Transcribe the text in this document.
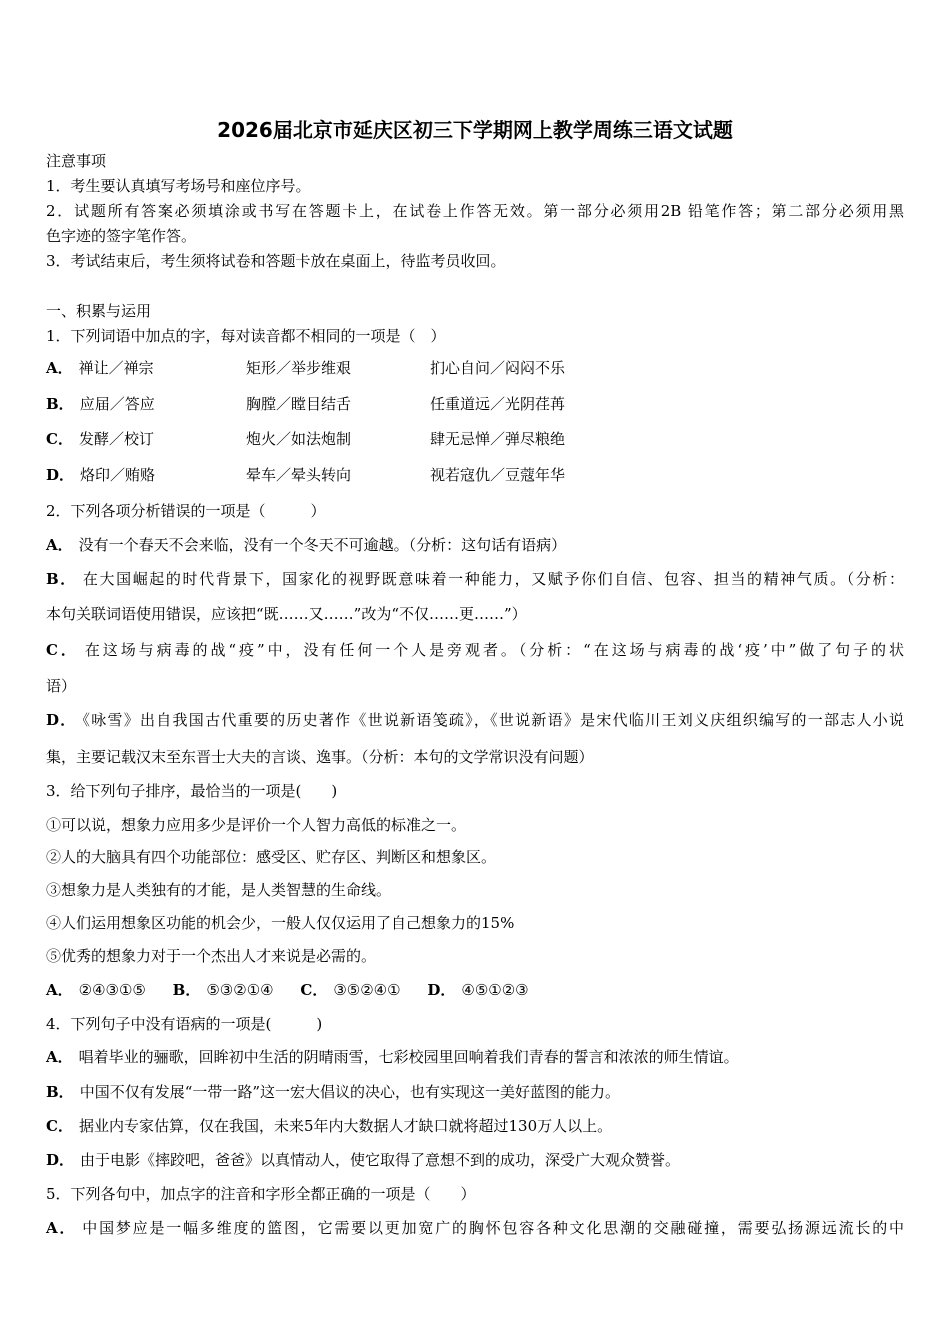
2026届北京市延庆区初三下学期网上教学周练三语文试题
注意事项
1．考生要认真填写考场号和座位序号。
2．试题所有答案必须填涂或书写在答题卡上，在试卷上作答无效。第一部分必须用2B 铅笔作答；第二部分必须用黑
色字迹的签字笔作答。
3．考试结束后，考生须将试卷和答题卡放在桌面上，待监考员收回。
一、积累与运用
1．下列词语中加点的字，每对读音都不相同的一项是（　）
A． 禅让／禅宗	矩形／举步维艰	扪心自问／闷闷不乐
B． 应届／答应	胸膛／瞠目结舌	任重道远／光阴荏苒
C． 发酵／校订	炮火／如法炮制	肆无忌惮／弹尽粮绝
D． 烙印／贿赂	晕车／晕头转向	视若寇仇／豆蔻年华
2．下列各项分析错误的一项是（　　　）
A． 没有一个春天不会来临，没有一个冬天不可逾越。（分析：这句话有语病）
B． 在大国崛起的时代背景下，国家化的视野既意味着一种能力，又赋予你们自信、包容、担当的精神气质。（分析：
本句关联词语使用错误，应该把“既……又……”改为“不仅……更……”）
C． 在这场与病毒的战“疫”中，没有任何一个人是旁观者。（分析：“在这场与病毒的战‘疫’中”做了句子的状
语）
D． 《咏雪》出自我国古代重要的历史著作《世说新语笺疏》，《世说新语》是宋代临川王刘义庆组织编写的一部志人小说
集，主要记载汉末至东晋士大夫的言谈、逸事。（分析：本句的文学常识没有问题）
3．给下列句子排序，最恰当的一项是(　　)
①可以说，想象力应用多少是评价一个人智力高低的标准之一。
②人的大脑具有四个功能部位：感受区、贮存区、判断区和想象区。
③想象力是人类独有的才能，是人类智慧的生命线。
④人们运用想象区功能的机会少，一般人仅仅运用了自己想象力的15%
⑤优秀的想象力对于一个杰出人才来说是必需的。
A． ②④③①⑤ B． ⑤③②①④ C． ③⑤②④① D． ④⑤①②③
4．下列句子中没有语病的一项是(　　　)
A． 唱着毕业的骊歌，回眸初中生活的阴晴雨雪，七彩校园里回响着我们青春的誓言和浓浓的师生情谊。
B． 中国不仅有发展“一带一路”这一宏大倡议的决心，也有实现这一美好蓝图的能力。
C． 据业内专家估算，仅在我国，未来5年内大数据人才缺口就将超过130万人以上。
D． 由于电影《摔跤吧，爸爸》以真情动人，使它取得了意想不到的成功，深受广大观众赞誉。
5．下列各句中，加点字的注音和字形全都正确的一项是（　　）
A． 中国梦应是一幅多维度的篮图，它需要以更加宽广的胸怀包容各种文化思潮的交融碰撞，需要弘扬源远流长的中
